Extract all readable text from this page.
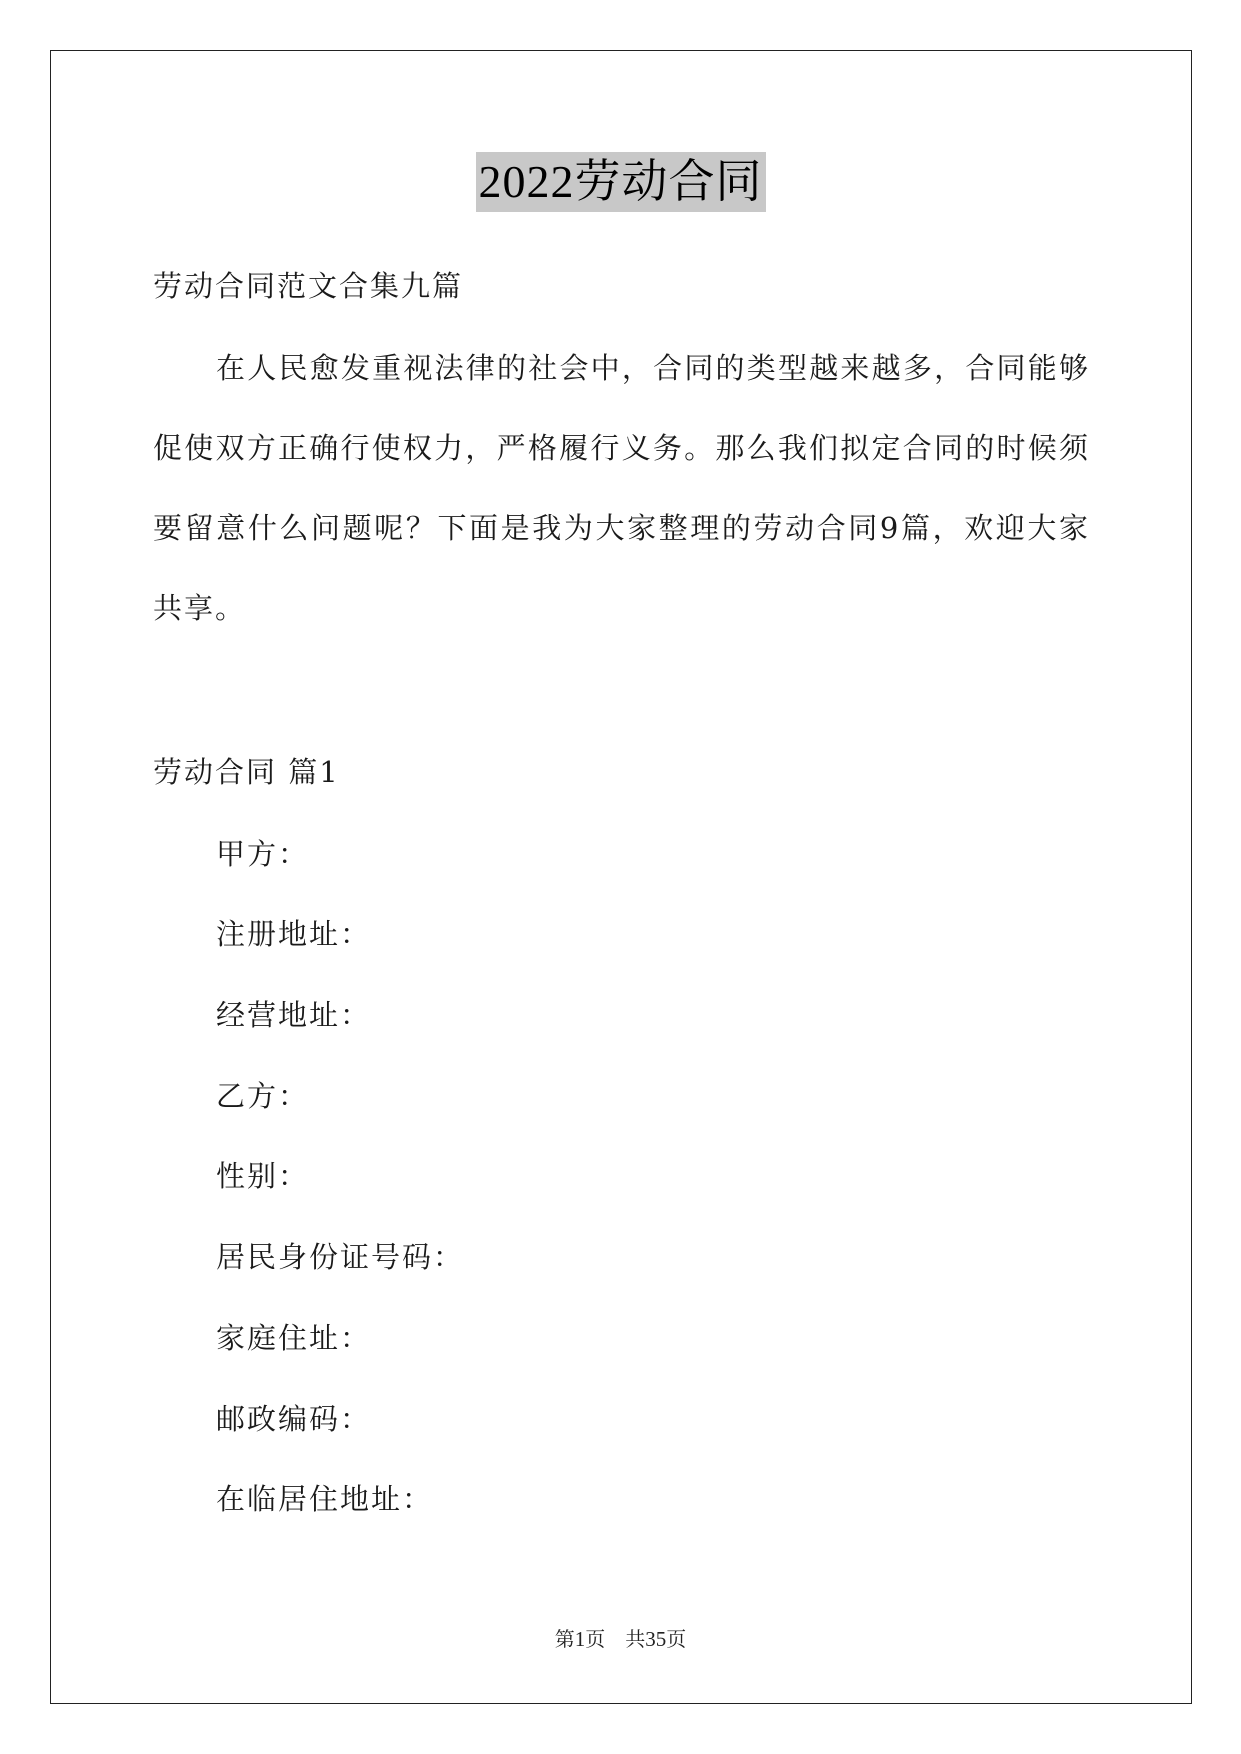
2022劳动合同
劳动合同范文合集九篇
在人民愈发重视法律的社会中，合同的类型越来越多，合同能够
促使双方正确行使权力，严格履行义务。那么我们拟定合同的时候须
要留意什么问题呢？下面是我为大家整理的劳动合同9篇，欢迎大家
共享。
劳动合同 篇1
甲方：
注册地址：
经营地址：
乙方：
性别：
居民身份证号码：
家庭住址：
邮政编码：
在临居住地址：
第1页　共35页
